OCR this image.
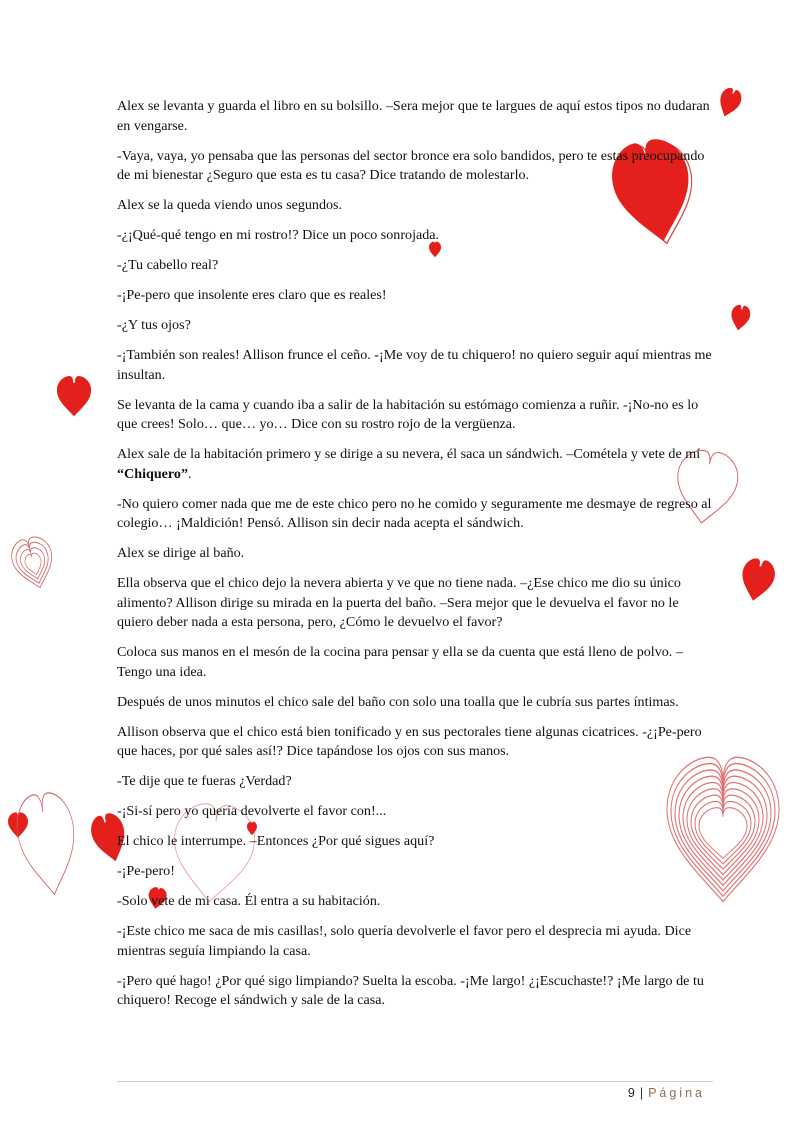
Alex se levanta y guarda el libro en su bolsillo. –Sera mejor que te largues de aquí estos tipos no dudaran en vengarse.

-Vaya, vaya, yo pensaba que las personas del sector bronce era solo bandidos, pero te estas preocupando de mi bienestar ¿Seguro que esta es tu casa? Dice tratando de molestarlo.

Alex se la queda viendo unos segundos.

-¿¡Qué-qué tengo en mi rostro!? Dice un poco sonrojada.

-¿Tu cabello real?

-¡Pe-pero que insolente eres claro que es reales!

-¿Y tus ojos?

-¡También son reales! Allison frunce el ceño. -¡Me voy de tu chiquero! no quiero seguir aquí mientras me insultan.

Se levanta de la cama y cuando iba a salir de la habitación su estómago comienza a ruñir. -¡No-no es lo que crees! Solo… que… yo… Dice con su rostro rojo de la vergüenza.

Alex sale de la habitación primero y se dirige a su nevera, él saca un sándwich. –Cométela y vete de mí “Chiquero”.

-No quiero comer nada que me de este chico pero no he comido y seguramente me desmaye de regreso al colegio… ¡Maldición! Pensó. Allison sin decir nada acepta el sándwich.

Alex se dirige al baño.

Ella observa que el chico dejo la nevera abierta y ve que no tiene nada. –¿Ese chico me dio su único alimento? Allison dirige su mirada en la puerta del baño. –Sera mejor que le devuelva el favor no le quiero deber nada a esta persona, pero, ¿Cómo le devuelvo el favor?

Coloca sus manos en el mesón de la cocina para pensar y ella se da cuenta que está lleno de polvo. –Tengo una idea.

Después de unos minutos el chico sale del baño con solo una toalla que le cubría sus partes íntimas.

Allison observa que el chico está bien tonificado y en sus pectorales tiene algunas cicatrices. -¿¡Pe-pero que haces, por qué sales así!? Dice tapándose los ojos con sus manos.

-Te dije que te fueras ¿Verdad?

-¡Si-sí pero yo quería devolverte el favor con!...

El chico le interrumpe. –Entonces ¿Por qué sigues aquí?

-¡Pe-pero!

-Solo vete de mi casa. Él entra a su habitación.

-¡Este chico me saca de mis casillas!, solo quería devolverle el favor pero el desprecia mi ayuda. Dice mientras seguía limpiando la casa.

-¡Pero qué hago! ¿Por qué sigo limpiando? Suelta la escoba. -¡Me largo! ¿¡Escuchaste!? ¡Me largo de tu chiquero! Recoge el sándwich y sale de la casa.

9 | Página
